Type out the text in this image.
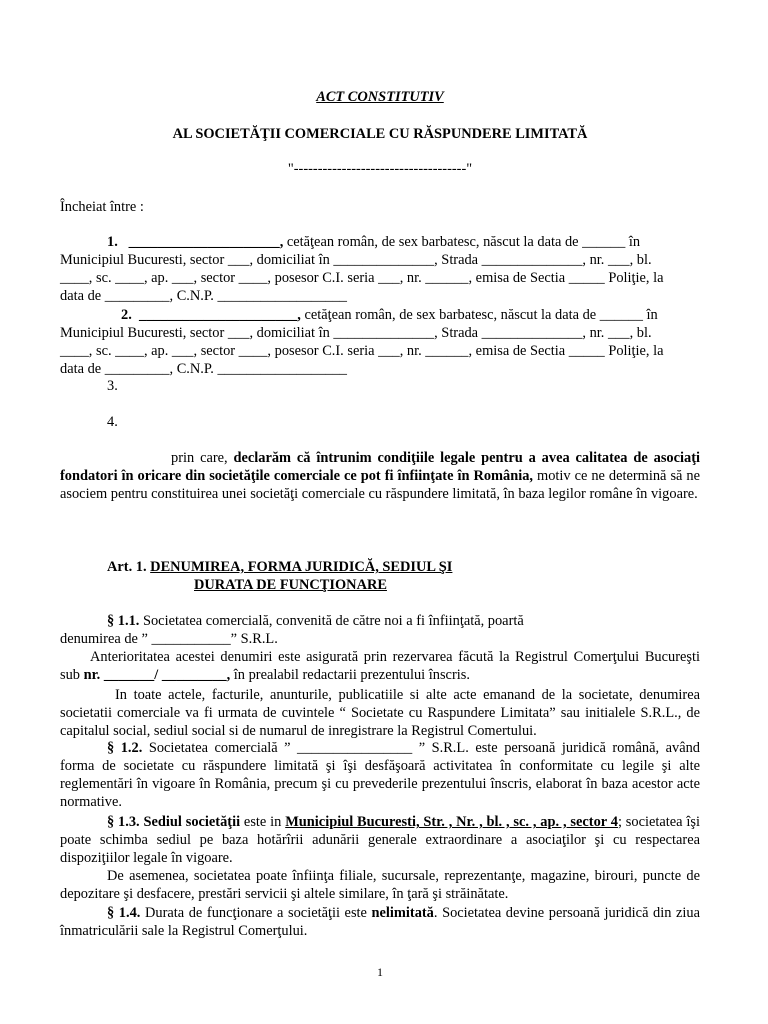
ACT CONSTITUTIV
AL SOCIETĂŢII COMERCIALE CU RĂSPUNDERE LIMITATĂ
"------------------------------------"
Încheiat între :
1. _____________________, cetăţean român, de sex barbatesc, născut la data de ______ în
Municipiul Bucuresti, sector ___, domiciliat în ______________, Strada ______________, nr. ___, bl.
____, sc. ____, ap. ___, sector ____, posesor C.I. seria ___, nr. ______, emisa de Sectia _____ Poliţie, la
data de _________, C.N.P. __________________
2. ______________________, cetăţean român, de sex barbatesc, născut la data de ______ în
Municipiul Bucuresti, sector ___, domiciliat în ______________, Strada ______________, nr. ___, bl.
____, sc. ____, ap. ___, sector ____, posesor C.I. seria ___, nr. ______, emisa de Sectia _____ Poliţie, la
data de _________, C.N.P. __________________
3.
4.
prin care, declarăm că întrunim condiţiile legale pentru a avea calitatea de asociaţi fondatori în oricare din societăţile comerciale ce pot fi înfiinţate în România, motiv ce ne determină să ne asociem pentru constituirea unei societăţi comerciale cu răspundere limitată, în baza legilor române în vigoare.
Art. 1. DENUMIREA, FORMA JURIDICĂ, SEDIUL ŞI
DURATA DE FUNCŢIONARE
§ 1.1. Societatea comercială, convenită de către noi a fi înfiinţată, poartă
denumirea de ” ___________” S.R.L.
Anterioritatea acestei denumiri este asigurată prin rezervarea făcută la Registrul Comerţului Bucureşti sub nr. _______/ _________, în prealabil redactarii prezentului înscris.
In toate actele, facturile, anunturile, publicatiile si alte acte emanand de la societate, denumirea societatii comerciale va fi urmata de cuvintele “ Societate cu Raspundere Limitata” sau initialele S.R.L., de capitalul social, sediul social si de numarul de inregistrare la Registrul Comertului.
§ 1.2. Societatea comercială ” ________________ ” S.R.L. este persoană juridică română, având forma de societate cu răspundere limitată şi îşi desfăşoară activitatea în conformitate cu legile şi alte reglementări în vigoare în România, precum şi cu prevederile prezentului înscris, elaborat în baza acestor acte normative.
§ 1.3. Sediul societăţii este in Municipiul Bucuresti, Str. , Nr. , bl. , sc. , ap. , sector 4; societatea îşi poate schimba sediul pe baza hotărîrii adunării generale extraordinare a asociaţilor şi cu respectarea dispoziţiilor legale în vigoare.
De asemenea, societatea poate înfiinţa filiale, sucursale, reprezentanţe, magazine, birouri, puncte de depozitare şi desfacere, prestări servicii şi altele similare, în ţară şi străinătate.
§ 1.4. Durata de funcţionare a societăţii este nelimitată. Societatea devine persoană juridică din ziua înmatriculării sale la Registrul Comerţului.
1
